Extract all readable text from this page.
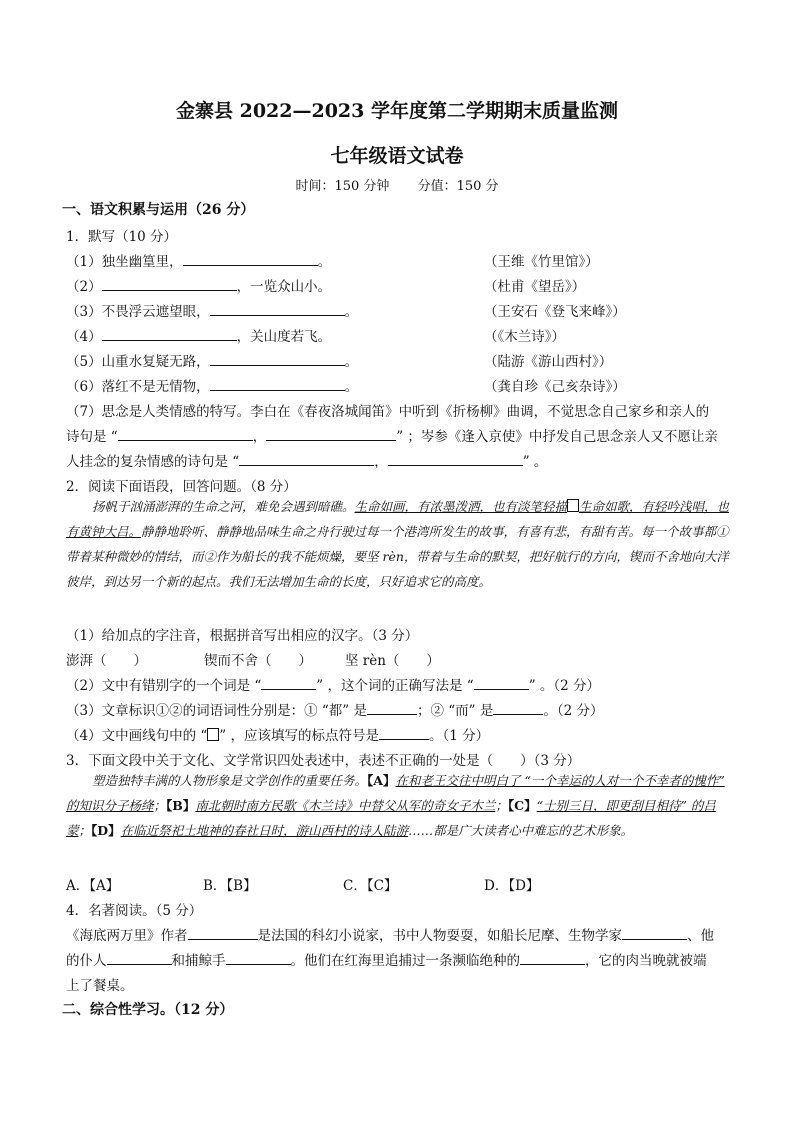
金寨县 2022—2023 学年度第二学期期末质量监测
七年级语文试卷
时间：150 分钟 分值：150 分
一、语文积累与运用（26 分）
1．默写（10 分）
（1）独坐幽篁里，	。	（王维《竹里馆》）
（2）	，一览众山小。	（杜甫《望岳》）
（3）不畏浮云遮望眼，	。	（王安石《登飞来峰》）
（4）	，关山度若飞。	（《木兰诗》）
（5）山重水复疑无路，	。	（陆游《游山西村》）
（6）落红不是无情物，	。	（龚自珍《己亥杂诗》）
（7）思念是人类情感的特写。李白在《春夜洛城闻笛》中听到《折杨柳》曲调，不觉思念自己家乡和亲人的
诗句是 “	，	” ；岑参《逢入京使》中抒发自己思念亲人又不愿让亲
人挂念的复杂情感的诗句是 “	，	” 。
2．阅读下面语段，回答问题。（8 分）
扬帆于汹涌澎湃的生命之河，难免会遇到暗礁。生命如画，有浓墨泼洒，也有淡笔轻描 生命如歌，有轻吟浅唱，也有黄钟大吕。静静地聆听、静静地品味生命之舟行驶过每一个港湾所发生的故事，有喜有悲，有甜有苦。每一个故事都①带着某种微妙的情结，而②作为船长的我不能烦燥，要坚 rèn，带着与生命的默契，把好航行的方向，锲而不舍地向大洋彼岸，到达另一个新的起点。我们无法增加生命的长度，只好追求它的高度。
（1）给加点的字注音，根据拼音写出相应的汉字。（3 分）
澎湃（　　）	锲而不舍（　　） 坚 rèn（　　）
（2）文中有错别字的一个词是 “	” ，这个词的正确写法是 “	” 。（2 分）
（3）文章标识①②的词语词性分别是：① “都” 是	；② “而” 是	。（2 分）
（4）文中画线句中的 “ ” ，应该填写的标点符号是	。（1 分）
3．下面文段中关于文化、文学常识四处表述中，表述不正确的一处是（　　）（3 分）
塑造独特丰满的人物形象是文学创作的重要任务。【A】在和老王交往中明白了 “一个幸运的人对一个不幸者的愧怍” 的知识分子杨绛；【B】南北朝时南方民歌《木兰诗》中替父从军的奇女子木兰；【C】“士别三日，即更刮目相待” 的吕蒙；【D】在临近祭祀土地神的春社日时，游山西村的诗人陆游……都是广大读者心中难忘的艺术形象。
A．【A】	B．【B】	C．【C】	D．【D】
4．名著阅读。（5 分）
《海底两万里》作者	是法国的科幻小说家，书中人物耍耍，如船长尼摩、生物学家	、他
的仆人	和捕鲸手	。他们在红海里追捕过一条濒临绝种的	，它的肉当晚就被端
上了餐桌。
二、综合性学习。（12 分）
